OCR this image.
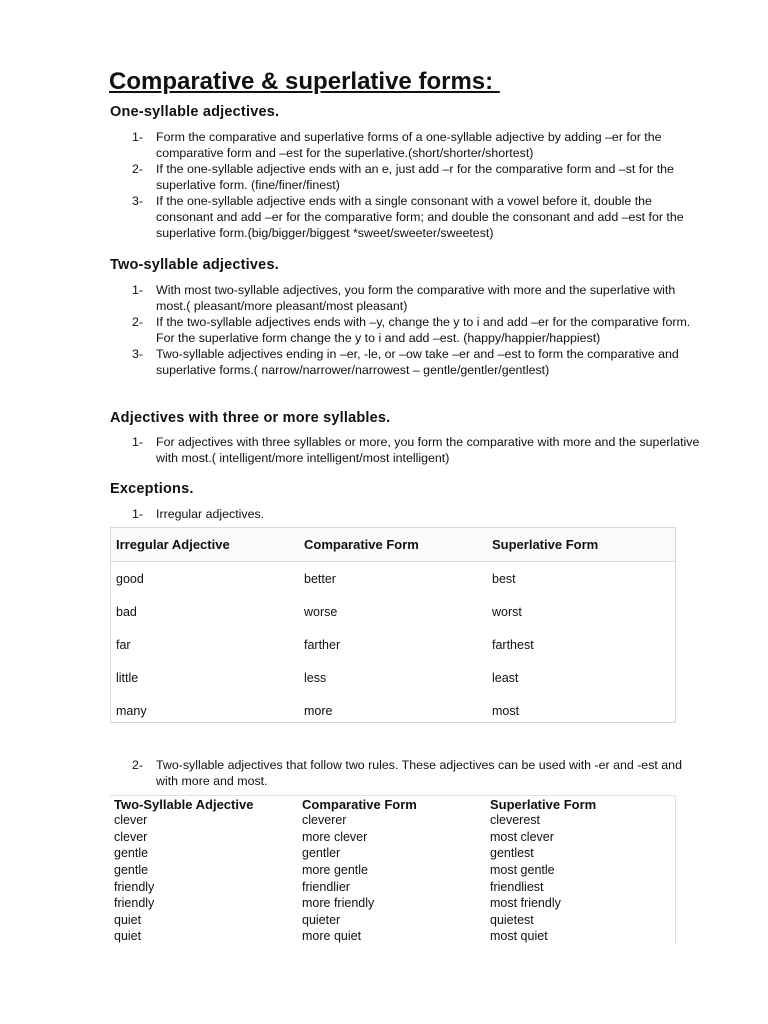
Comparative & superlative forms:
One-syllable adjectives.
1- Form the comparative and superlative forms of a one-syllable adjective by adding –er for the comparative form and –est for the superlative.(short/shorter/shortest)
2- If the one-syllable adjective ends with an e, just add –r for the comparative form and –st for the superlative form. (fine/finer/finest)
3- If the one-syllable adjective ends with a single consonant with a vowel before it, double the consonant and add –er for the comparative form; and double the consonant and add –est for the superlative form.(big/bigger/biggest *sweet/sweeter/sweetest)
Two-syllable adjectives.
1- With most two-syllable adjectives, you form the comparative with more and the superlative with most.( pleasant/more pleasant/most pleasant)
2- If the two-syllable adjectives ends with –y, change the y to i and add –er for the comparative form. For the superlative form change the y to i and add –est. (happy/happier/happiest)
3- Two-syllable adjectives ending in –er, -le, or –ow take –er and –est to form the comparative and superlative forms.( narrow/narrower/narrowest – gentle/gentler/gentlest)
Adjectives with three or more syllables.
1- For adjectives with three syllables or more, you form the comparative with more and the superlative with most.( intelligent/more intelligent/most intelligent)
Exceptions.
1- Irregular adjectives.
Irregular Adjective	Comparative Form	Superlative Form
good	better	best
bad	worse	worst
far	farther	farthest
little	less	least
many	more	most
2- Two-syllable adjectives that follow two rules. These adjectives can be used with -er and -est and with more and most.
Two-Syllable Adjective	Comparative Form	Superlative Form
clever	cleverer	cleverest
clever	more clever	most clever
gentle	gentler	gentlest
gentle	more gentle	most gentle
friendly	friendlier	friendliest
friendly	more friendly	most friendly
quiet	quieter	quietest
quiet	more quiet	most quiet
